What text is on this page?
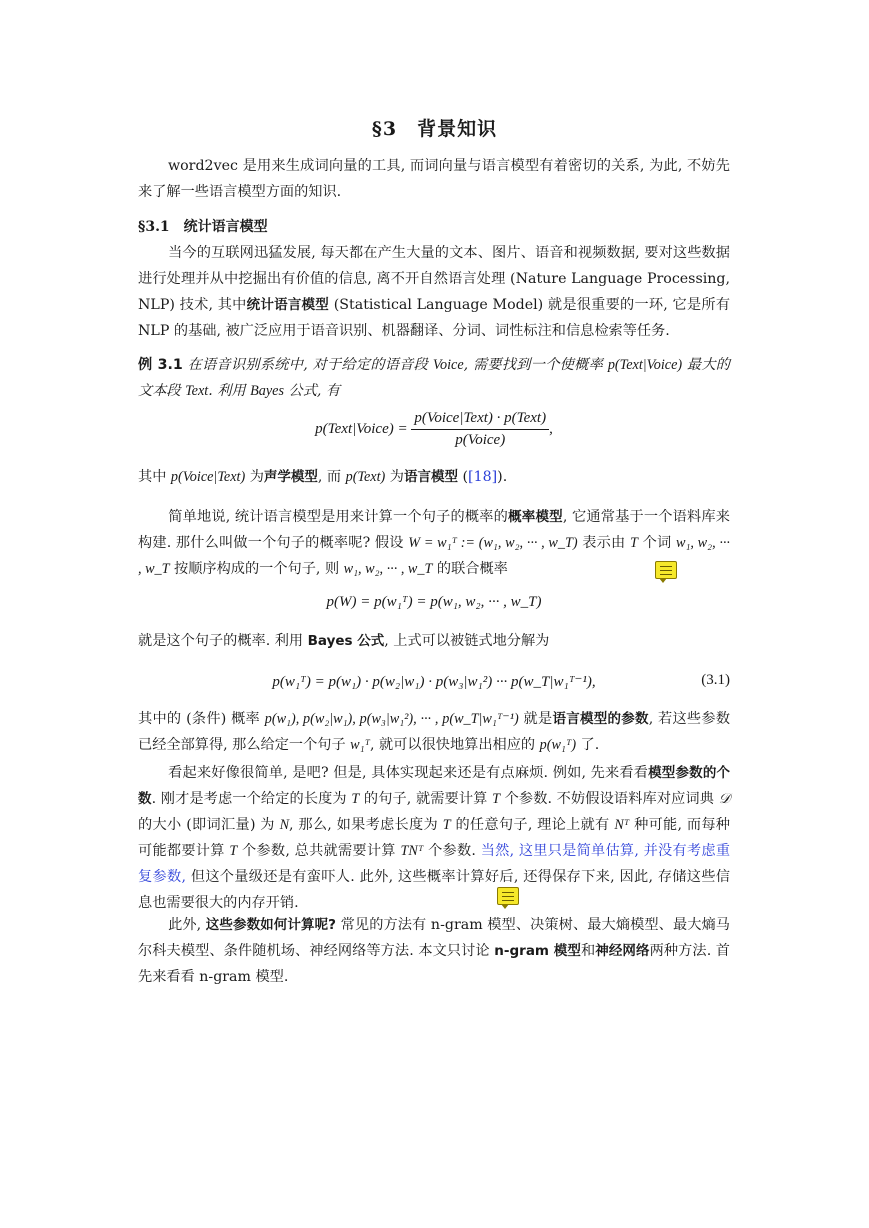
§3　背景知识
word2vec 是用来生成词向量的工具, 而词向量与语言模型有着密切的关系, 为此, 不妨先来了解一些语言模型方面的知识.
§3.1　统计语言模型
当今的互联网迅猛发展, 每天都在产生大量的文本、图片、语音和视频数据, 要对这些数据进行处理并从中挖掘出有价值的信息, 离不开自然语言处理 (Nature Language Processing, NLP) 技术, 其中统计语言模型 (Statistical Language Model) 就是很重要的一环, 它是所有 NLP 的基础, 被广泛应用于语音识别、机器翻译、分词、词性标注和信息检索等任务.
例 3.1 在语音识别系统中, 对于给定的语音段 Voice, 需要找到一个使概率 p(Text|Voice) 最大的文本段 Text. 利用 Bayes 公式, 有
p(Text|Voice) = $\frac{\text{p(Voice|Text) · p(Text)}}{\text{p(Voice)}}$ ,
其中 p(Voice|Text) 为声学模型, 而 p(Text) 为语言模型 ([18]).
简单地说, 统计语言模型是用来计算一个句子的概率的概率模型, 它通常基于一个语料库来构建. 那什么叫做一个句子的概率呢? 假设 W = w₁ᵀ := (w₁, w₂, ··· , w_T) 表示由 T 个词 w₁, w₂, ··· , w_T 按顺序构成的一个句子, 则 w₁, w₂, ··· , w_T 的联合概率
p(W) = p(w₁ᵀ) = p(w₁, w₂, ··· , w_T)
就是这个句子的概率. 利用 Bayes 公式, 上式可以被链式地分解为
p(w₁ᵀ) = p(w₁) · p(w₂|w₁) · p(w₃|w₁²) ··· p(w_T|w₁ᵀ⁻¹),	(3.1)
其中的 (条件) 概率 p(w₁), p(w₂|w₁), p(w₃|w₁²), ··· , p(w_T|w₁ᵀ⁻¹) 就是语言模型的参数, 若这些参数已经全部算得, 那么给定一个句子 w₁ᵀ, 就可以很快地算出相应的 p(w₁ᵀ) 了.
看起来好像很简单, 是吧? 但是, 具体实现起来还是有点麻烦. 例如, 先来看看模型参数的个数. 刚才是考虑一个给定的长度为 T 的句子, 就需要计算 T 个参数. 不妨假设语料库对应词典 𝒟 的大小 (即词汇量) 为 N, 那么, 如果考虑长度为 T 的任意句子, 理论上就有 Nᵀ 种可能, 而每种可能都要计算 T 个参数, 总共就需要计算 TNᵀ 个参数. 当然, 这里只是简单估算, 并没有考虑重复参数, 但这个量级还是有蛮吓人. 此外, 这些概率计算好后, 还得保存下来, 因此, 存储这些信息也需要很大的内存开销.
此外, 这些参数如何计算呢? 常见的方法有 n-gram 模型、决策树、最大熵模型、最大熵马尔科夫模型、条件随机场、神经网络等方法. 本文只讨论 n-gram 模型和神经网络两种方法. 首先来看看 n-gram 模型.
